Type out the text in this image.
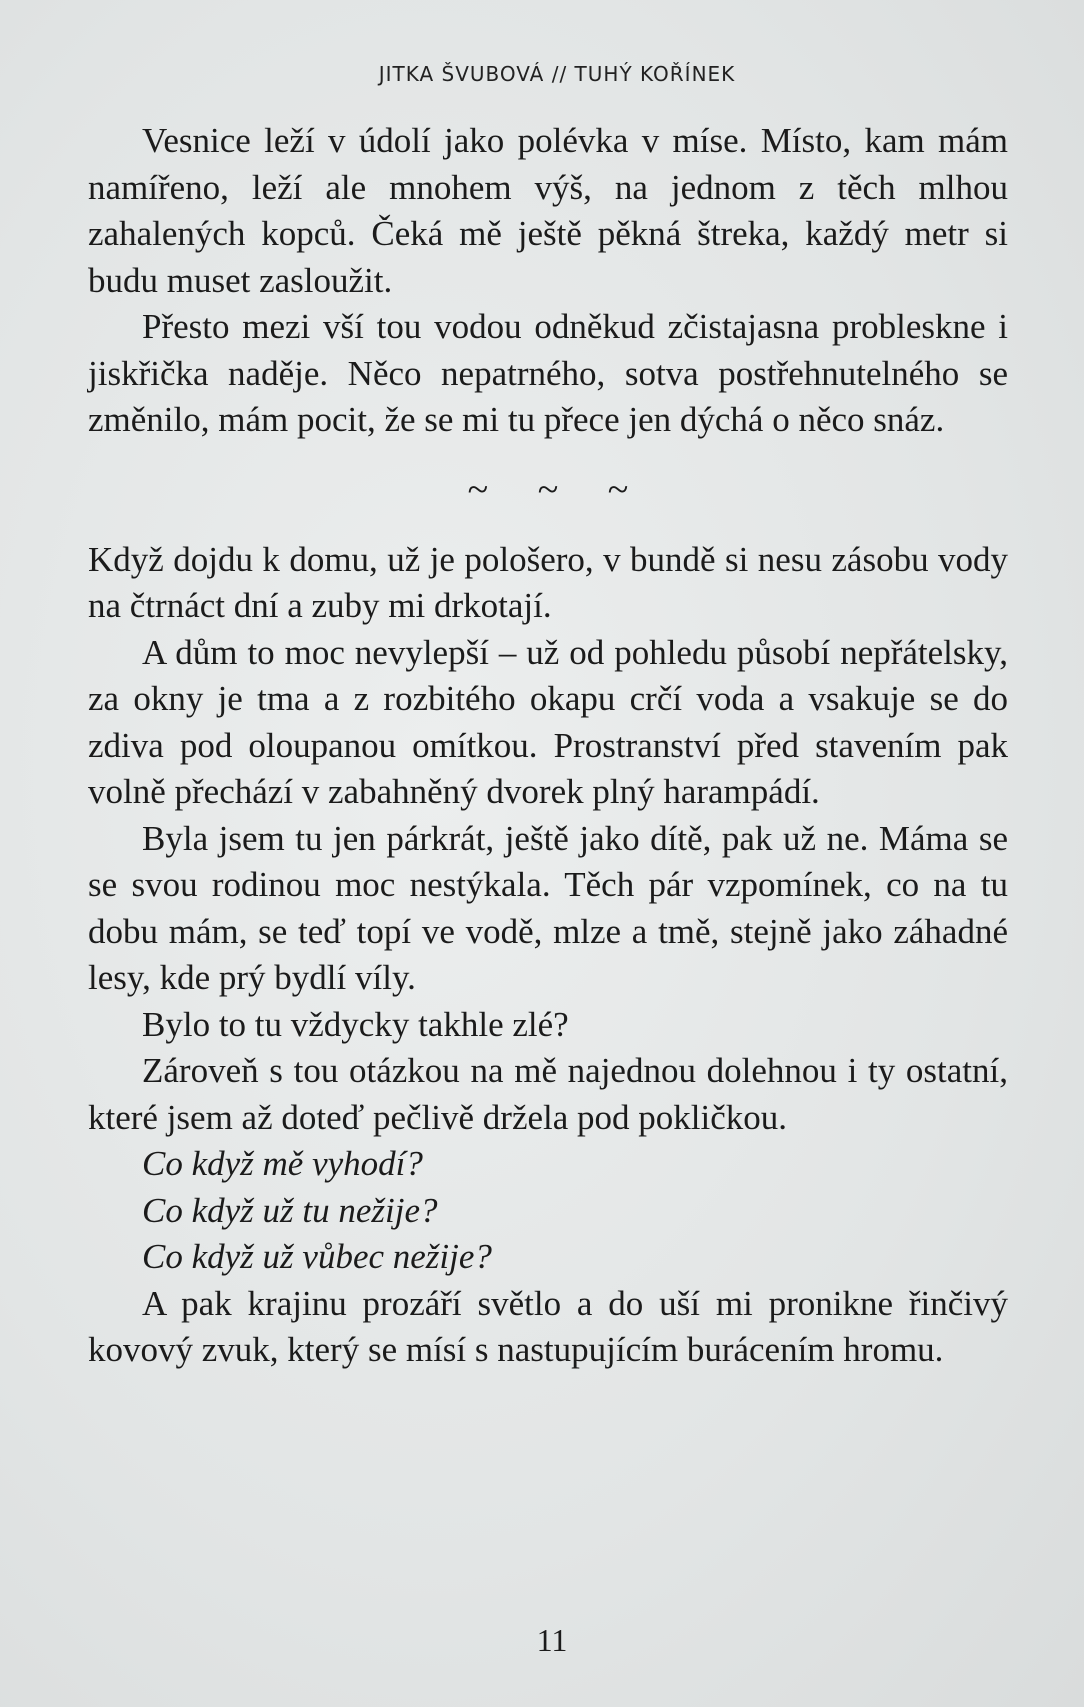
JITKA ŠVUBOVÁ // TUHÝ KOŘÍNEK

Vesnice leží v údolí jako polévka v míse. Místo, kam mám namířeno, leží ale mnohem výš, na jednom z těch mlhou zahalených kopců. Čeká mě ještě pěkná štreka, každý metr si budu muset zasloužit.

Přesto mezi vší tou vodou odněkud zčistajasna probleskne i jiskřička naděje. Něco nepatrného, sotva postřehnutelného se změnilo, mám pocit, že se mi tu přece jen dýchá o něco snáz.

~ ~ ~

Když dojdu k domu, už je pološero, v bundě si nesu zásobu vody na čtrnáct dní a zuby mi drkotají.

A dům to moc nevylepší – už od pohledu působí nepřátelsky, za okny je tma a z rozbitého okapu crčí voda a vsakuje se do zdiva pod oloupanou omítkou. Prostranství před stavením pak volně přechází v zabahněný dvorek plný harampádí.

Byla jsem tu jen párkrát, ještě jako dítě, pak už ne. Máma se se svou rodinou moc nestýkala. Těch pár vzpomínek, co na tu dobu mám, se teď topí ve vodě, mlze a tmě, stejně jako záhadné lesy, kde prý bydlí víly.

Bylo to tu vždycky takhle zlé?

Zároveň s tou otázkou na mě najednou dolehnou i ty ostatní, které jsem až doteď pečlivě držela pod pokličkou.

Co když mě vyhodí?

Co když už tu nežije?

Co když už vůbec nežije?

A pak krajinu prozáří světlo a do uší mi pronikne řinčivý kovový zvuk, který se mísí s nastupujícím burácením hromu.

11
